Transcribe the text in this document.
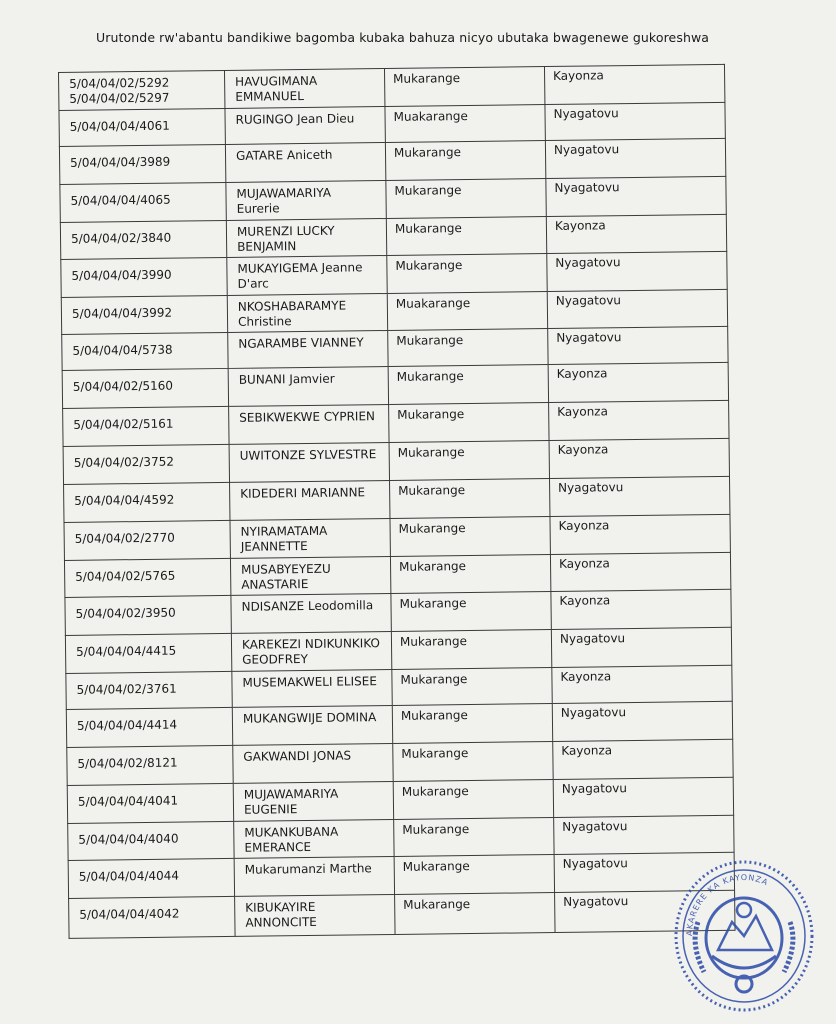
Urutonde rw'abantu bandikiwe bagomba kubaka bahuza nicyo ubutaka bwagenewe gukoreshwa
5/04/04/02/5292
5/04/04/02/5297	HAVUGIMANA
EMMANUEL	Mukarange	Kayonza

5/04/04/04/4061	RUGINGO Jean Dieu	Muakarange	Nyagatovu

5/04/04/04/3989	GATARE Aniceth	Mukarange	Nyagatovu

5/04/04/04/4065	MUJAWAMARIYA
Eurerie	Mukarange	Nyagatovu

5/04/04/02/3840	MURENZI LUCKY
BENJAMIN	Mukarange	Kayonza

5/04/04/04/3990	MUKAYIGEMA Jeanne
D'arc	Mukarange	Nyagatovu

5/04/04/04/3992	NKOSHABARAMYE
Christine	Muakarange	Nyagatovu

5/04/04/04/5738	NGARAMBE VIANNEY	Mukarange	Nyagatovu

5/04/04/02/5160	BUNANI Jamvier	Mukarange	Kayonza

5/04/04/02/5161	SEBIKWEKWE CYPRIEN	Mukarange	Kayonza

5/04/04/02/3752	UWITONZE SYLVESTRE	Mukarange	Kayonza

5/04/04/04/4592	KIDEDERI MARIANNE	Mukarange	Nyagatovu

5/04/04/02/2770	NYIRAMATAMA
JEANNETTE	Mukarange	Kayonza

5/04/04/02/5765	MUSABYEYEZU
ANASTARIE	Mukarange	Kayonza

5/04/04/02/3950	NDISANZE Leodomilla	Mukarange	Kayonza

5/04/04/04/4415	KAREKEZI NDIKUNKIKO
GEODFREY	Mukarange	Nyagatovu

5/04/04/02/3761	MUSEMAKWELI ELISEE	Mukarange	Kayonza

5/04/04/04/4414	MUKANGWIJE DOMINA	Mukarange	Nyagatovu

5/04/04/02/8121	GAKWANDI JONAS	Mukarange	Kayonza

5/04/04/04/4041	MUJAWAMARIYA
EUGENIE	Mukarange	Nyagatovu

5/04/04/04/4040	MUKANKUBANA
EMERANCE	Mukarange	Nyagatovu

5/04/04/04/4044	Mukarumanzi Marthe	Mukarange	Nyagatovu

5/04/04/04/4042	KIBUKAYIRE
ANNONCITE	Mukarange	Nyagatovu
AKARERE KA KAYONZA
